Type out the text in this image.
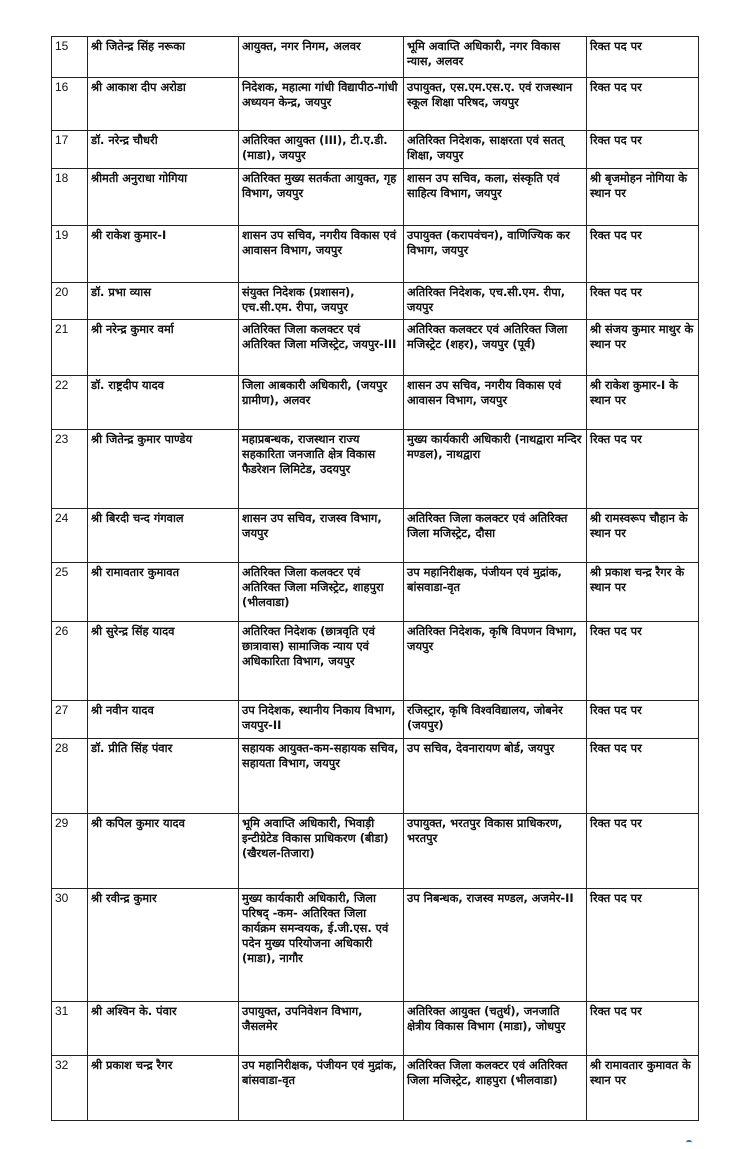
15	श्री जितेन्द्र सिंह नरूका	आयुक्त, नगर निगम, अलवर	भूमि अवाप्ति अधिकारी, नगर विकास न्यास, अलवर	रिक्त पद पर
16	श्री आकाश दीप अरोडा	निदेशक, महात्मा गांधी विद्यापीठ-गांधी अध्ययन केन्द्र, जयपुर	उपायुक्त, एस.एम.एस.ए. एवं राजस्थान स्कूल शिक्षा परिषद, जयपुर	रिक्त पद पर
17	डॉ. नरेन्द्र चौधरी	अतिरिक्त आयुक्त (III), टी.ए.डी. (माडा), जयपुर	अतिरिक्त निदेशक, साक्षरता एवं सतत् शिक्षा, जयपुर	रिक्त पद पर
18	श्रीमती अनुराधा गोगिया	अतिरिक्त मुख्य सतर्कता आयुक्त, गृह विभाग, जयपुर	शासन उप सचिव, कला, संस्कृति एवं साहित्य विभाग, जयपुर	श्री बृजमोहन नोगिया के स्थान पर
19	श्री राकेश कुमार-I	शासन उप सचिव, नगरीय विकास एवं आवासन विभाग, जयपुर	उपायुक्त (करापवंचन), वाणिज्यिक कर विभाग, जयपुर	रिक्त पद पर
20	डॉ. प्रभा व्यास	संयुक्त निदेशक (प्रशासन), एच.सी.एम. रीपा, जयपुर	अतिरिक्त निदेशक, एच.सी.एम. रीपा, जयपुर	रिक्त पद पर
21	श्री नरेन्द्र कुमार वर्मा	अतिरिक्त जिला कलक्टर एवं अतिरिक्त जिला मजिस्ट्रेट, जयपुर-III	अतिरिक्त कलक्टर एवं अतिरिक्त जिला मजिस्ट्रेट (शहर), जयपुर (पूर्व)	श्री संजय कुमार माथुर के स्थान पर
22	डॉ. राष्ट्रदीप यादव	जिला आबकारी अधिकारी, (जयपुर ग्रामीण), अलवर	शासन उप सचिव, नगरीय विकास एवं आवासन विभाग, जयपुर	श्री राकेश कुमार-I के स्थान पर
23	श्री जितेन्द्र कुमार पाण्डेय	महाप्रबन्धक, राजस्थान राज्य सहकारिता जनजाति क्षेत्र विकास फैडरेशन लिमिटेड, उदयपुर	मुख्य कार्यकारी अधिकारी (नाथद्वारा मन्दिर मण्डल), नाथद्वारा	रिक्त पद पर
24	श्री बिरदी चन्द गंगवाल	शासन उप सचिव, राजस्व विभाग, जयपुर	अतिरिक्त जिला कलक्टर एवं अतिरिक्त जिला मजिस्ट्रेट, दौसा	श्री रामस्वरूप चौहान के स्थान पर
25	श्री रामावतार कुमावत	अतिरिक्त जिला कलक्टर एवं अतिरिक्त जिला मजिस्ट्रेट, शाहपुरा (भीलवाडा)	उप महानिरीक्षक, पंजीयन एवं मुद्रांक, बांसवाडा-वृत	श्री प्रकाश चन्द्र रैगर के स्थान पर
26	श्री सुरेन्द्र सिंह यादव	अतिरिक्त निदेशक (छात्रवृति एवं छात्रावास) सामाजिक न्याय एवं अधिकारिता विभाग, जयपुर	अतिरिक्त निदेशक, कृषि विपणन विभाग, जयपुर	रिक्त पद पर
27	श्री नवीन यादव	उप निदेशक, स्थानीय निकाय विभाग, जयपुर-II	रजिस्ट्रार, कृषि विश्वविद्यालय, जोबनेर (जयपुर)	रिक्त पद पर
28	डॉ. प्रीति सिंह पंवार	सहायक आयुक्त-कम-सहायक सचिव, सहायता विभाग, जयपुर	उप सचिव, देवनारायण बोर्ड, जयपुर	रिक्त पद पर
29	श्री कपिल कुमार यादव	भूमि अवाप्ति अधिकारी, भिवाड़ी इन्टीग्रेटेड विकास प्राधिकरण (बीडा) (खैरथल-तिजारा)	उपायुक्त, भरतपुर विकास प्राधिकरण, भरतपुर	रिक्त पद पर
30	श्री रवीन्द्र कुमार	मुख्य कार्यकारी अधिकारी, जिला परिषद् -कम- अतिरिक्त जिला कार्यक्रम समन्वयक, ई.जी.एस. एवं पदेन मुख्य परियोजना अधिकारी (माडा), नागौर	उप निबन्धक, राजस्व मण्डल, अजमेर-II	रिक्त पद पर
31	श्री अश्विन के. पंवार	उपायुक्त, उपनिवेशन विभाग, जैसलमेर	अतिरिक्त आयुक्त (चतुर्थ), जनजाति क्षेत्रीय विकास विभाग (माडा), जोधपुर	रिक्त पद पर
32	श्री प्रकाश चन्द्र रैगर	उप महानिरीक्षक, पंजीयन एवं मुद्रांक, बांसवाडा-वृत	अतिरिक्त जिला कलक्टर एवं अतिरिक्त जिला मजिस्ट्रेट, शाहपुरा (भीलवाडा)	श्री रामावतार कुमावत के स्थान पर
